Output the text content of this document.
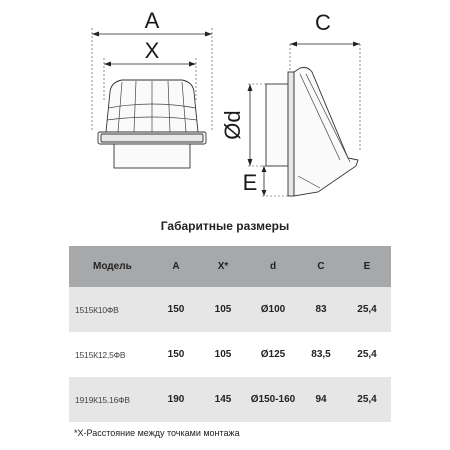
A
X
C
Ød
E
Габаритные размеры
Модель	A	X*	d	C	E
1515К10ФВ	150	105	Ø100	83	25,4
1515К12,5ФВ	150	105	Ø125	83,5	25,4
1919К15.16ФВ	190	145	Ø150-160	94	25,4
*X-Расстояние между точками монтажа
